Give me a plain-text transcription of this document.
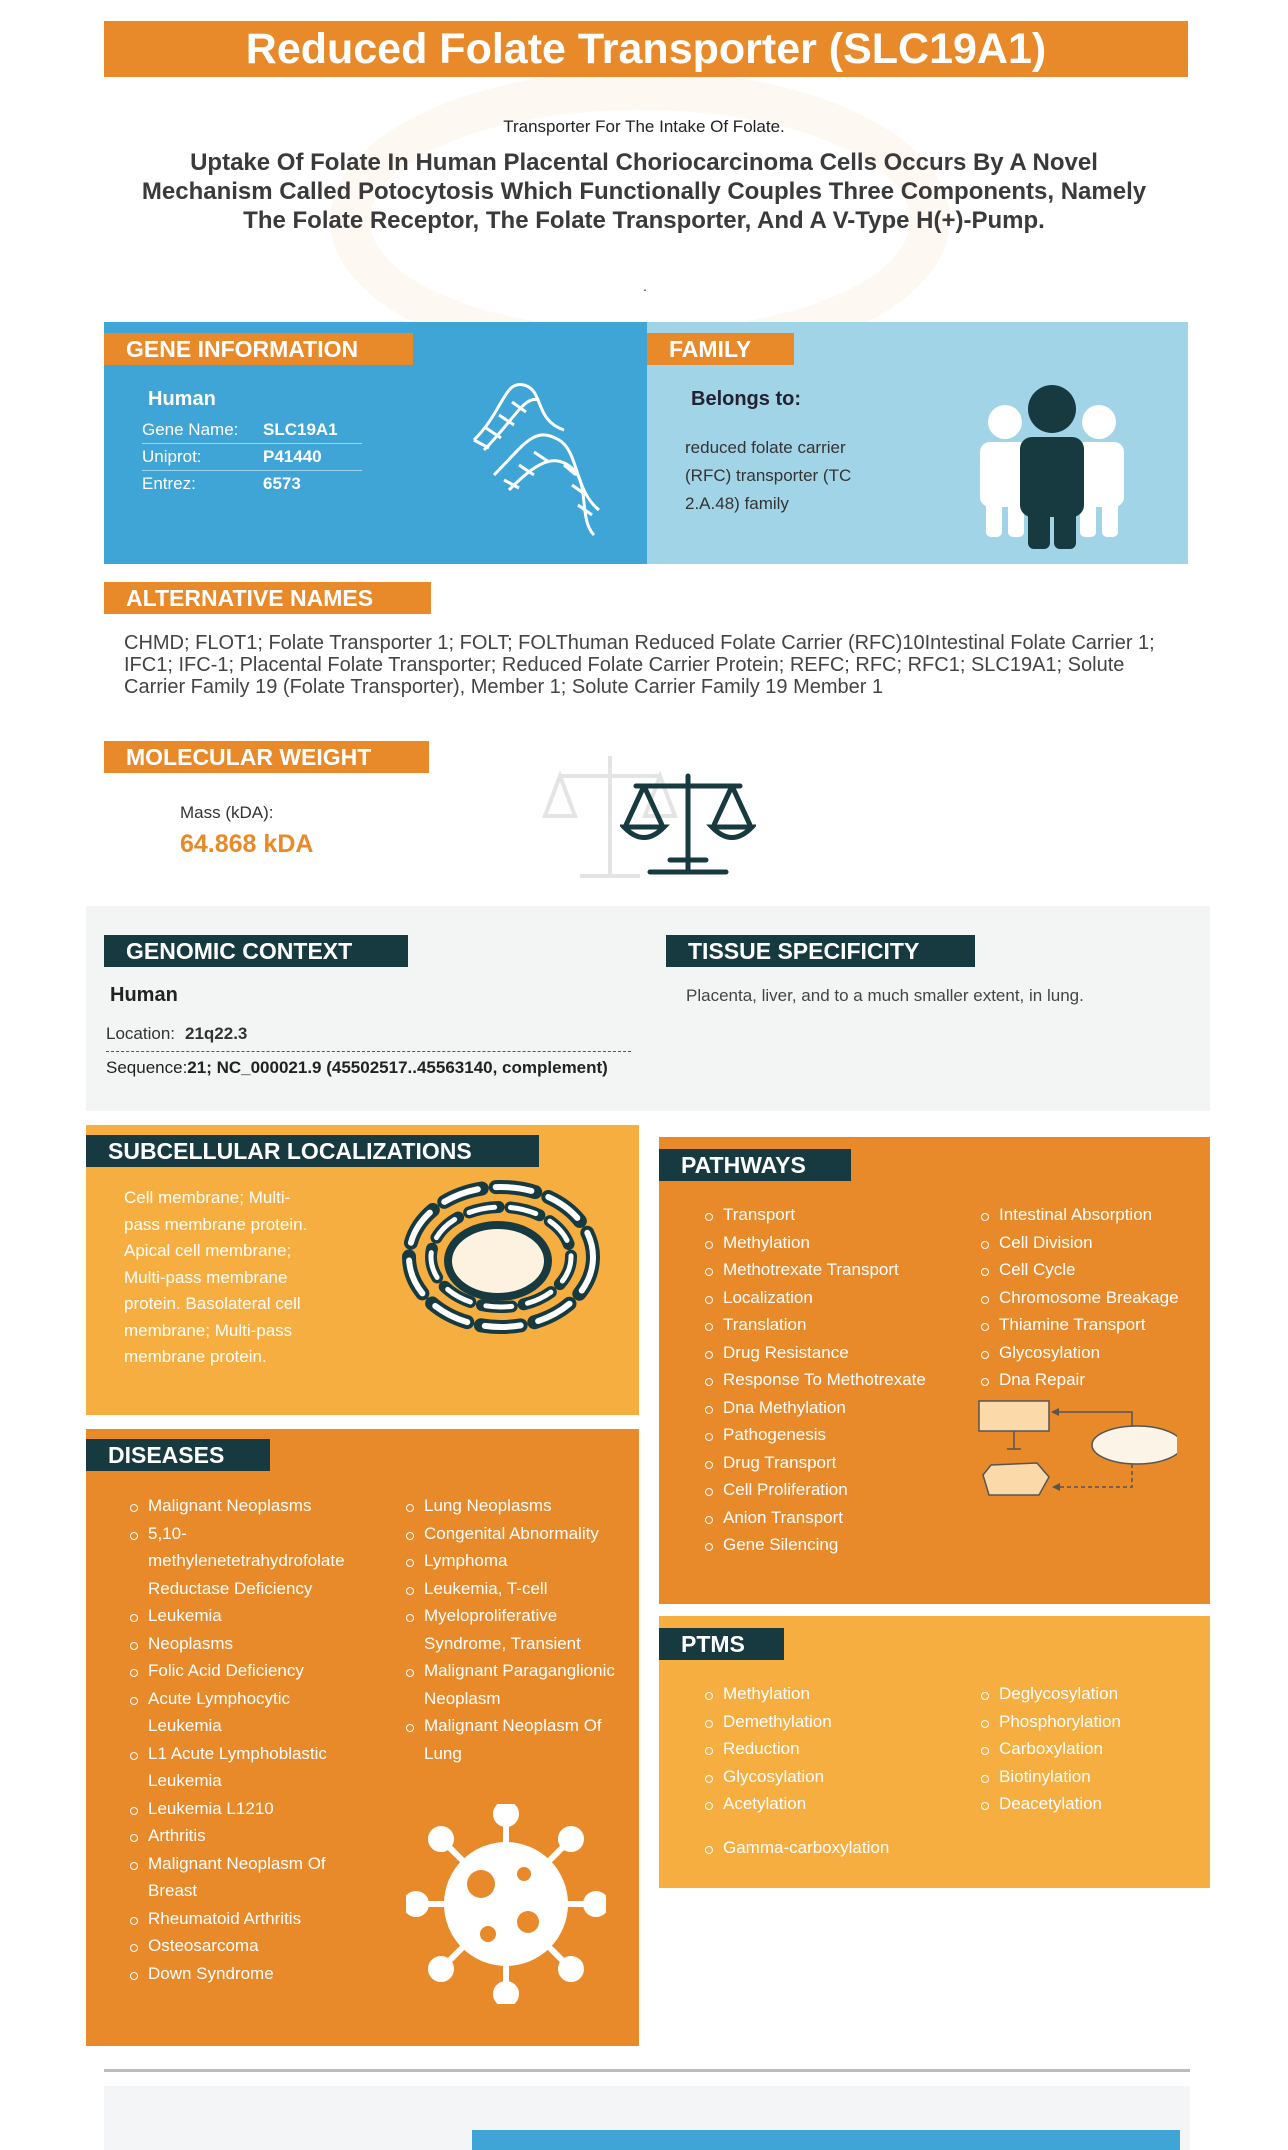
Reduced Folate Transporter (SLC19A1)
Transporter For The Intake Of Folate.
Uptake Of Folate In Human Placental Choriocarcinoma Cells Occurs By A Novel Mechanism Called Potocytosis Which Functionally Couples Three Components, Namely The Folate Receptor, The Folate Transporter, And A V-Type H(+)-Pump.
.
GENE INFORMATION
Human
Gene Name: SLC19A1
Uniprot:	P41440
Entrez:	6573
FAMILY
Belongs to:
reduced folate carrier (RFC) transporter (TC 2.A.48) family
ALTERNATIVE NAMES
CHMD; FLOT1; Folate Transporter 1; FOLT; FOLThuman Reduced Folate Carrier (RFC)10Intestinal Folate Carrier 1; IFC1; IFC-1; Placental Folate Transporter; Reduced Folate Carrier Protein; REFC; RFC; RFC1; SLC19A1; Solute Carrier Family 19 (Folate Transporter), Member 1; Solute Carrier Family 19 Member 1
MOLECULAR WEIGHT
Mass (kDA):
64.868 kDA
GENOMIC CONTEXT
Human
Location: 21q22.3
Sequence:21; NC_000021.9 (45502517..45563140, complement)
TISSUE SPECIFICITY
Placenta, liver, and to a much smaller extent, in lung.
SUBCELLULAR LOCALIZATIONS
Cell membrane; Multi-pass membrane protein. Apical cell membrane; Multi-pass membrane protein. Basolateral cell membrane; Multi-pass membrane protein.
DISEASES
Malignant Neoplasms
5,10-methylenetetrahydrofolate Reductase Deficiency
Leukemia
Neoplasms
Folic Acid Deficiency
Acute Lymphocytic Leukemia
L1 Acute Lymphoblastic Leukemia
Leukemia L1210
Arthritis
Malignant Neoplasm Of Breast
Rheumatoid Arthritis
Osteosarcoma
Down Syndrome
Lung Neoplasms
Congenital Abnormality
Lymphoma
Leukemia, T-cell
Myeloproliferative Syndrome, Transient
Malignant Paraganglionic Neoplasm
Malignant Neoplasm Of Lung
PATHWAYS
Transport
Methylation
Methotrexate Transport
Localization
Translation
Drug Resistance
Response To Methotrexate
Dna Methylation
Pathogenesis
Drug Transport
Cell Proliferation
Anion Transport
Gene Silencing
Intestinal Absorption
Cell Division
Cell Cycle
Chromosome Breakage
Thiamine Transport
Glycosylation
Dna Repair
PTMS
Methylation
Demethylation
Reduction
Glycosylation
Acetylation
Deglycosylation
Phosphorylation
Carboxylation
Biotinylation
Deacetylation
Gamma-carboxylation
